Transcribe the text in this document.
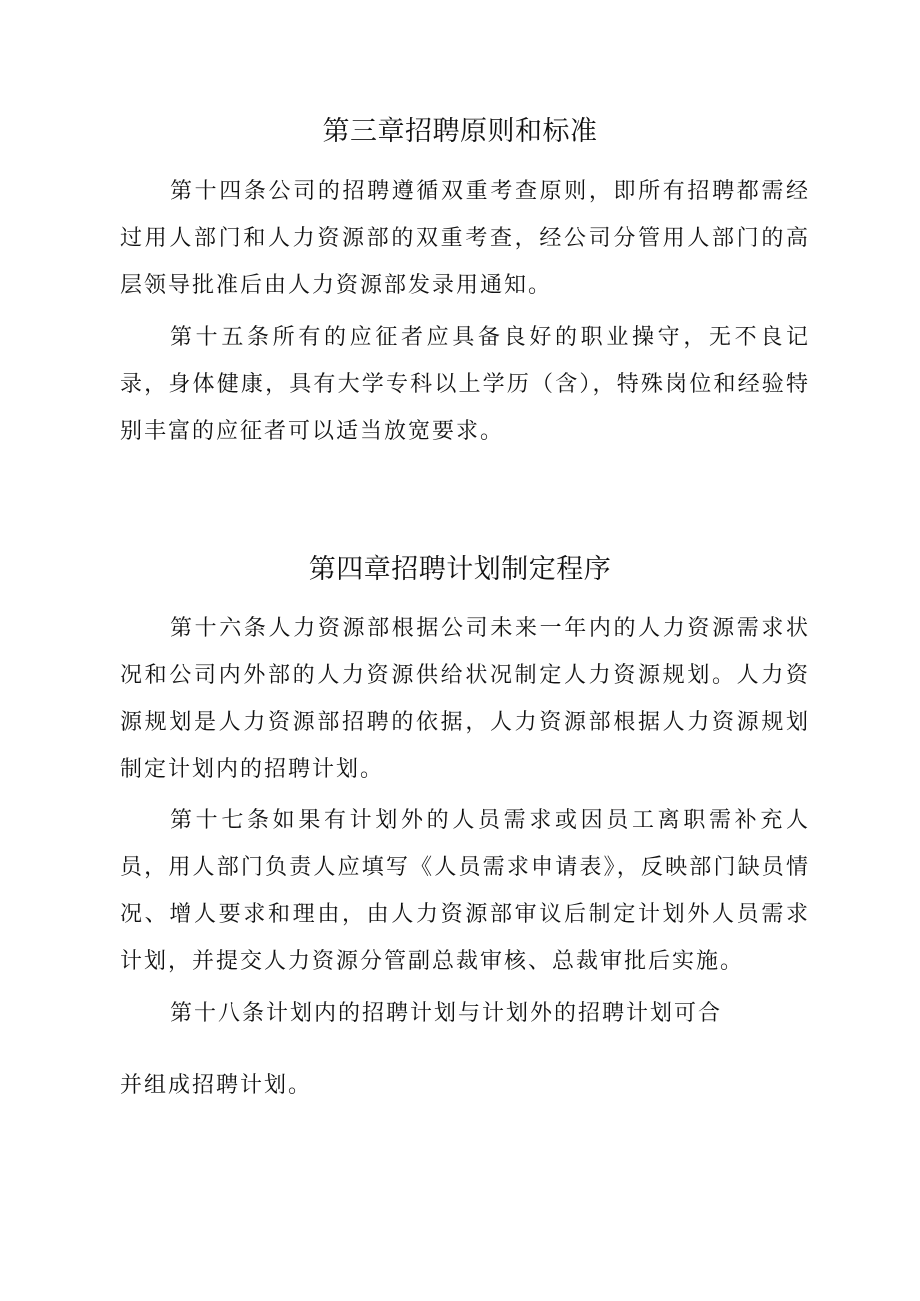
第三章招聘原则和标准

第十四条公司的招聘遵循双重考查原则，即所有招聘都需经过用人部门和人力资源部的双重考查，经公司分管用人部门的高层领导批准后由人力资源部发录用通知。

第十五条所有的应征者应具备良好的职业操守，无不良记录，身体健康，具有大学专科以上学历（含），特殊岗位和经验特别丰富的应征者可以适当放宽要求。

第四章招聘计划制定程序

第十六条人力资源部根据公司未来一年内的人力资源需求状况和公司内外部的人力资源供给状况制定人力资源规划。人力资源规划是人力资源部招聘的依据，人力资源部根据人力资源规划制定计划内的招聘计划。

第十七条如果有计划外的人员需求或因员工离职需补充人员，用人部门负责人应填写《人员需求申请表》，反映部门缺员情况、增人要求和理由，由人力资源部审议后制定计划外人员需求计划，并提交人力资源分管副总裁审核、总裁审批后实施。

第十八条计划内的招聘计划与计划外的招聘计划可合

并组成招聘计划。
